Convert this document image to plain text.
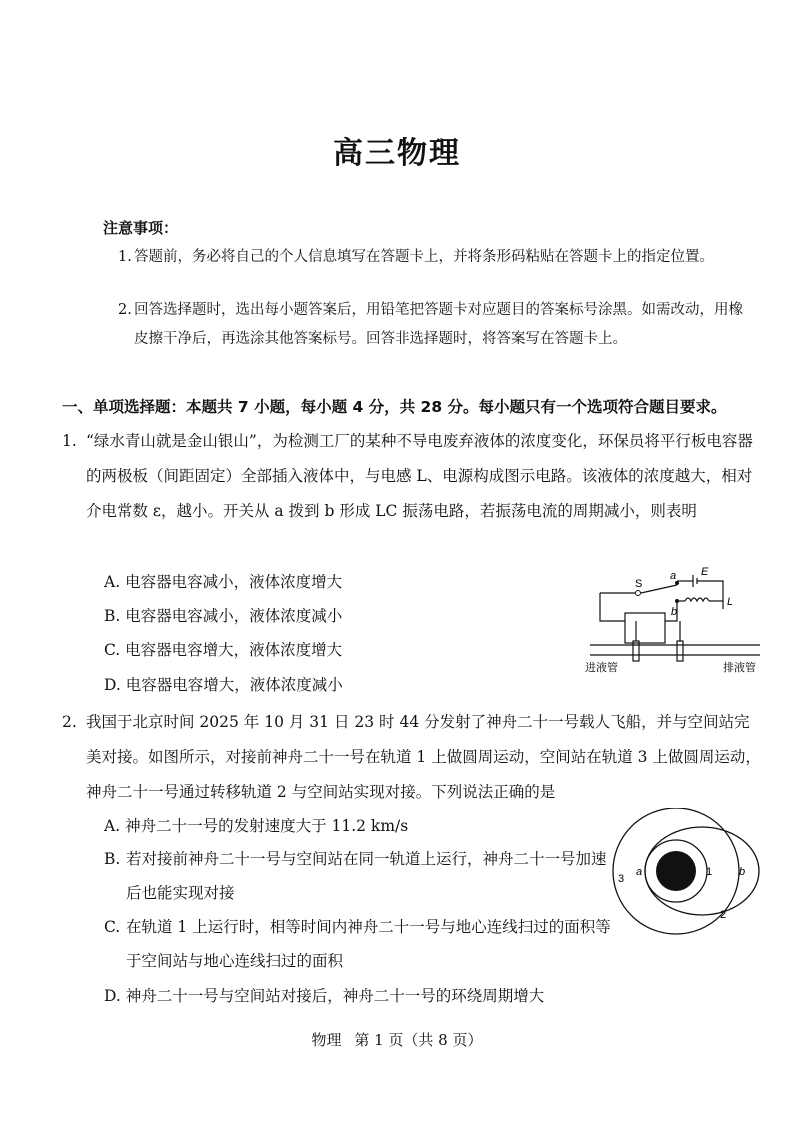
高三物理
注意事项：
1. 答题前，务必将自己的个人信息填写在答题卡上，并将条形码粘贴在答题卡上的指定位置。
2. 回答选择题时，选出每小题答案后，用铅笔把答题卡对应题目的答案标号涂黑。如需改动，用橡皮擦干净后，再选涂其他答案标号。回答非选择题时，将答案写在答题卡上。
一、单项选择题：本题共 7 小题，每小题 4 分，共 28 分。每小题只有一个选项符合题目要求。
1. “绿水青山就是金山银山”，为检测工厂的某种不导电废弃液体的浓度变化，环保员将平行板电容器的两极板（间距固定）全部插入液体中，与电感 L、电源构成图示电路。该液体的浓度越大，相对介电常数 ε，越小。开关从 a 拨到 b 形成 LC 振荡电路，若振荡电流的周期减小，则表明
A. 电容器电容减小，液体浓度增大
B. 电容器电容减小，液体浓度减小
C. 电容器电容增大，液体浓度增大
D. 电容器电容增大，液体浓度减小
S
a
b
E
L
进液管	排液管
2. 我国于北京时间 2025 年 10 月 31 日 23 时 44 分发射了神舟二十一号载人飞船，并与空间站完美对接。如图所示，对接前神舟二十一号在轨道 1 上做圆周运动，空间站在轨道 3 上做圆周运动，神舟二十一号通过转移轨道 2 与空间站实现对接。下列说法正确的是
A. 神舟二十一号的发射速度大于 11.2 km/s
B. 若对接前神舟二十一号与空间站在同一轨道上运行，神舟二十一号加速后也能实现对接
C. 在轨道 1 上运行时，相等时间内神舟二十一号与地心连线扫过的面积等于空间站与地心连线扫过的面积
D. 神舟二十一号与空间站对接后，神舟二十一号的环绕周期增大
3
a	1 b
2
物理 第 1 页（共 8 页）
